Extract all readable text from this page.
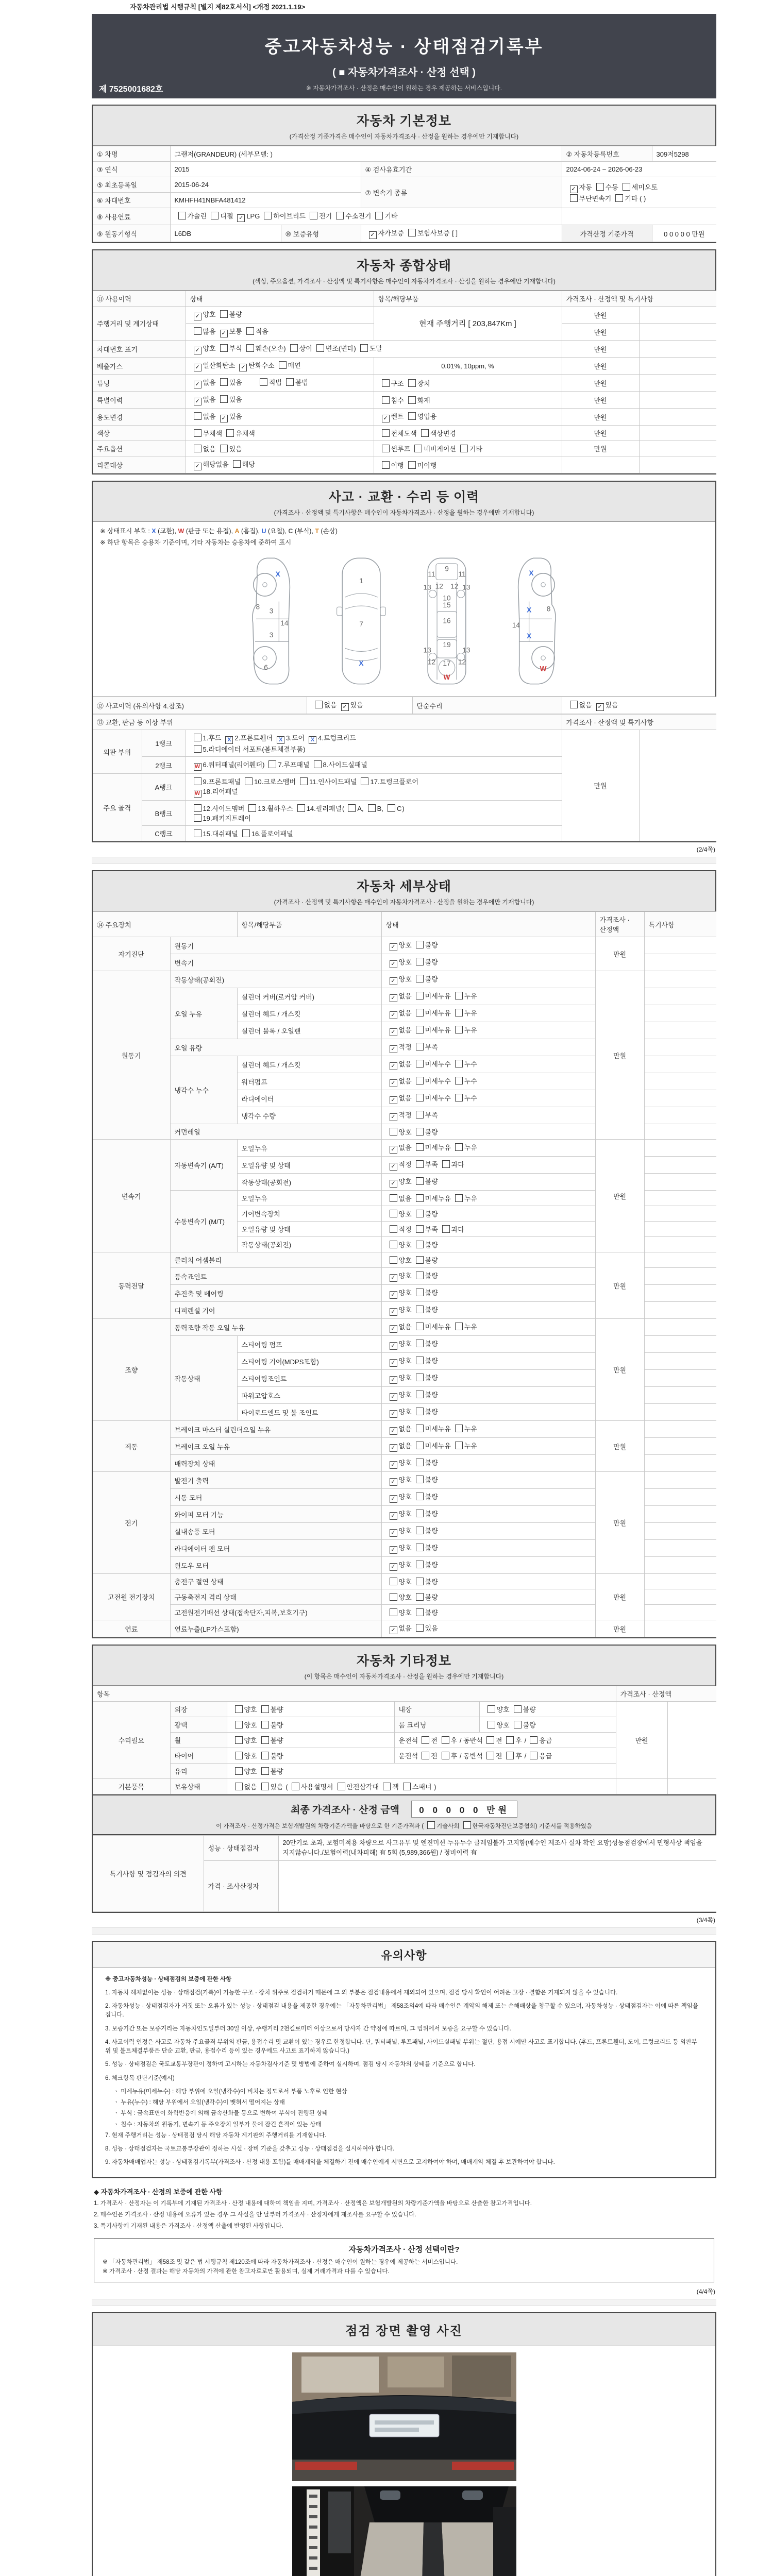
자동차관리법 시행규칙 [별지 제82호서식] <개정 2021.1.19>
중고자동차성능 · 상태점검기록부
( ■ 자동차가격조사 · 산정 선택 )
※ 자동차가격조사 · 산정은 매수인이 원하는 경우 제공하는 서비스입니다.
제 7525001682호
자동차 기본정보
(가격산정 기준가격은 매수인이 자동차가격조사 · 산정을 원하는 경우에만 기재합니다)
① 차명	그랜저(GRANDEUR) (세부모델: )			② 자동차등록번호	309저5298
③ 연식	2015		④ 검사유효기간	2024-06-24 ~ 2026-06-23	
⑤ 최초등록일	2015-06-24		⑦ 변속기 종류	✓ 자동 수동 세미오토
무단변속기 기타 ( )	
⑥ 차대번호	KMHFH41NBFA481412				
⑧ 사용연료	가솔린 디젤 ✓ LPG 하이브리드 전기 수소전기 기타				
⑨ 원동기형식	L6DB	⑩ 보증유형	✓ 자가보증 보험사보증 [ ]	가격산정 기준가격	0 0 0 0 0 만원
자동차 종합상태
(색상, 주요옵션, 가격조사 · 산정액 및 특기사항은 매수인이 자동차가격조사 · 산정을 원하는 경우에만 기재합니다)
⑪ 사용이력	상태	항목/해당부품	가격조사 · 산정액 및 특기사항	
주행거리 및 계기상태	✓ 양호 불량	현재 주행거리 [ 203,847Km ]	만원	
	많음 ✓ 보통 적음		만원	
차대번호 표기	✓ 양호 부식 훼손(오손) 상이 변조(변타) 도말		만원	
배출가스	✓ 일산화탄소 ✓ 탄화수소 매연	0.01%, 10ppm, %	만원	
튜닝	✓ 없음 있음 적법 불법	구조 장치	만원	
특별이력	✓ 없음 있음	침수 화재	만원	
용도변경	없음 ✓ 있음	✓ 렌트 영업용	만원	
색상	무채색 유채색	전체도색 색상변경	만원	
주요옵션	없음 있음	썬루프 네비게이션 기타	만원	
리콜대상	✓ 해당없음 해당	이행 미이행		
사고 · 교환 · 수리 등 이력
(가격조사 · 산정액 및 특기사항은 매수인이 자동차가격조사 · 산정을 원하는 경우에만 기재합니다)
※ 상태표시 부호 : X (교환), W (판금 또는 용접), A (흠집), U (요철), C (부식), T (손상)
※ 하단 항목은 승용차 기준이며, 기타 자동차는 승용차에 준하여 표시
X
8
3
14
3
6
1
7
X
11
9
11
13 12 12 13
10
15
16
19
13	13
12 17 12
W
X
X 8
14
X
W
⑫ 사고이력 (유의사항 4.참조)	없음 ✓ 있음	단순수리	없음 ✓ 있음
⑬ 교환, 판금 등 이상 부위			가격조사 · 산정액 및 특기사항	
외판 부위	1랭크	1.후드 X 2.프론트휀더 X 3.도어 X 4.트렁크리드
5.라디에이터 서포트(볼트체결부품)	만원	
	2랭크	W 6.쿼터패널(리어휀더) 7.루프패널 8.사이드실패널		
주요 골격	A랭크	9.프론트패널 10.크로스멤버 11.인사이드패널 17.트렁크플로어
W 18.리어패널		
	B랭크	12.사이드멤버 13.휠하우스 14.필러패널( A, B, C)
19.패키지트레이		
	C랭크	15.대쉬패널 16.플로어패널		
(2/4쪽)
자동차 세부상태
(가격조사 · 산정액 및 특기사항은 매수인이 자동차가격조사 · 산정을 원하는 경우에만 기재합니다)
⑭ 주요장치		항목/해당부품	상태	가격조사 · 산정액	특기사항
자기진단	원동기		✓ 양호 불량	만원	
	변속기		✓ 양호 불량		
원동기	작동상태(공회전)		✓ 양호 불량	만원	
	오일 누유	실린더 커버(로커암 커버)	✓ 없음 미세누유 누유		
		실린더 헤드 / 개스킷	✓ 없음 미세누유 누유		
		실린더 블록 / 오일팬	✓ 없음 미세누유 누유		
	오일 유량		✓ 적정 부족		
	냉각수 누수	실린더 헤드 / 개스킷	✓ 없음 미세누수 누수		
		워터펌프	✓ 없음 미세누수 누수		
		라디에이터	✓ 없음 미세누수 누수		
		냉각수 수량	✓ 적정 부족		
	커먼레일		양호 불량		
변속기	자동변속기 (A/T)	오일누유	✓ 없음 미세누유 누유	만원	
		오일유량 및 상태	✓ 적정 부족 과다		
		작동상태(공회전)	✓ 양호 불량		
	수동변속기 (M/T)	오일누유	없음 미세누유 누유		
		기어변속장치	양호 불량		
		오일유량 및 상태	적정 부족 과다		
		작동상태(공회전)	양호 불량		
동력전달	클러치 어셈블리		양호 불량	만원	
	등속죠인트		✓ 양호 불량		
	추진축 및 베어링		✓ 양호 불량		
	디퍼렌셜 기어		✓ 양호 불량		
조향	동력조향 작동 오일 누유		✓ 없음 미세누유 누유	만원	
	작동상태	스티어링 펌프	✓ 양호 불량		
		스티어링 기어(MDPS포함)	✓ 양호 불량		
		스티어링조인트	✓ 양호 불량		
		파워고압호스	✓ 양호 불량		
		타이로드엔드 및 볼 조인트	✓ 양호 불량		
제동	브레이크 마스터 실린더오일 누유		✓ 없음 미세누유 누유	만원	
	브레이크 오일 누유		✓ 없음 미세누유 누유		
	배력장치 상태		✓ 양호 불량		
전기	발전기 출력		✓ 양호 불량	만원	
	시동 모터		✓ 양호 불량		
	와이퍼 모터 기능		✓ 양호 불량		
	실내송풍 모터		✓ 양호 불량		
	라디에이터 팬 모터		✓ 양호 불량		
	윈도우 모터		✓ 양호 불량		
고전원 전기장치	충전구 절연 상태		양호 불량	만원	
	구동축전지 격리 상태		양호 불량		
	고전원전기배선 상태(접속단자,피복,보호기구)		양호 불량		
연료	연료누출(LP가스포함)		✓ 없음 있음	만원	
자동차 기타정보
(이 항목은 매수인이 자동차가격조사 · 산정을 원하는 경우에만 기재합니다)
항목					가격조사 · 산정액	
수리필요	외장	양호 불량	내장	양호 불량	만원	
	광택	양호 불량	룸 크리닝	양호 불량		
	휠	양호 불량	운전석 전 후 / 동반석 전 후 / 응급			
	타이어	양호 불량	운전석 전 후 / 동반석 전 후 / 응급			
	유리	양호 불량				
기본품목	보유상태	없음 있음 ( 사용설명서 안전삼각대 잭 스패너 )				
최종 가격조사 · 산정 금액 0 0 0 0 0 만원
이 가격조사 · 산정가격은 보험개발원의 차량기준가액을 바탕으로 한 기준가격과 ( 기술사회 한국자동차진단보증협회) 기준서를 적용하였음
특기사항 및 점검자의 의견	성능 · 상태점검자	20만키로 초과, 보험미적용 차량으로 사고유무 및 엔진미션 누유누수 클레임불가 고지함(매수인 제조사 실차 확인 요망)성능점검장에서 민형사상 책임을 지지않습니다./보험이력(내차피해) 有 5회 (5,989,366원) / 정비이력 有
	가격 · 조사산정자	
(3/4쪽)
유의사항

※ 중고자동차성능 · 상태점검의 보증에 관한 사항

1. 자동차 해체없이는 성능 · 상태점검(기록)이 가능한 구조 · 장치 위주로 점검하기 때문에 그 외 부분은 점검내용에서 제외되어 있으며, 점검 당시 확인이 어려운 고장 · 결함은 기재되지 않을 수 있습니다.

2. 자동차성능 · 상태점검자가 거짓 또는 오류가 있는 성능 · 상태점검 내용을 제공한 경우에는 「자동차관리법」 제58조의4에 따라 매수인은 계약의 해제 또는 손해배상을 청구할 수 있으며, 자동차성능 · 상태점검자는 이에 따른 책임을 집니다.

3. 보증기간 또는 보증거리는 자동차인도일부터 30일 이상, 주행거리 2천킬로미터 이상으로서 당사자 간 약정에 따르며, 그 범위에서 보증을 요구할 수 있습니다.

4. 사고이력 인정은 사고로 자동차 주요골격 부위의 판금, 용접수리 및 교환이 있는 경우로 한정합니다. 단, 쿼터패널, 루프패널, 사이드실패널 부위는 절단, 용접 시에만 사고로 표기합니다. (후드, 프론트휀더, 도어, 트렁크리드 등 외판부위 및 볼트체결부품은 단순 교환, 판금, 용접수리 등이 있는 경우에도 사고로 표기하지 않습니다.)

5. 성능 · 상태점검은 국토교통부장관이 정하여 고시하는 자동차검사기준 및 방법에 준하여 실시하며, 점검 당시 자동차의 상태를 기준으로 합니다.

6. 체크항목 판단기준(예시)

ㆍ 미세누유(미세누수) : 해당 부위에 오일(냉각수)이 비치는 정도로서 부품 노후로 인한 현상
ㆍ 누유(누수) : 해당 부위에서 오일(냉각수)이 맺혀서 떨어지는 상태
ㆍ 부식 : 금속표면이 화학반응에 의해 금속산화물 등으로 변하여 부식이 진행된 상태
ㆍ 침수 : 자동차의 원동기, 변속기 등 주요장치 일부가 물에 잠긴 흔적이 있는 상태

7. 현재 주행거리는 성능 · 상태점검 당시 해당 자동차 계기판의 주행거리를 기재합니다.

8. 성능 · 상태점검자는 국토교통부장관이 정하는 시설 · 장비 기준을 갖추고 성능 · 상태점검을 실시하여야 합니다.

9. 자동차매매업자는 성능 · 상태점검기록부(가격조사 · 산정 내용 포함)를 매매계약을 체결하기 전에 매수인에게 서면으로 고지하여야 하며, 매매계약 체결 후 보관하여야 합니다.

◆ 자동차가격조사 · 산정의 보증에 관한 사항
1. 가격조사 · 산정자는 이 기록부에 기재된 가격조사 · 산정 내용에 대하여 책임을 지며, 가격조사 · 산정액은 보험개발원의 차량기준가액을 바탕으로 산출한 참고가격입니다.
2. 매수인은 가격조사 · 산정 내용에 오류가 있는 경우 그 사실을 안 날부터 가격조사 · 산정자에게 재조사를 요구할 수 있습니다.
3. 특기사항에 기재된 내용은 가격조사 · 산정액 산출에 반영된 사항입니다.
자동차가격조사 · 산정 선택이란?
※ 「자동차관리법」 제58조 및 같은 법 시행규칙 제120조에 따라 자동차가격조사 · 산정은 매수인이 원하는 경우에 제공하는 서비스입니다.
※ 가격조사 · 산정 결과는 해당 자동차의 가격에 관한 참고자료로만 활용되며, 실제 거래가격과 다를 수 있습니다.
(4/4쪽)
점검 장면 촬영 사진
